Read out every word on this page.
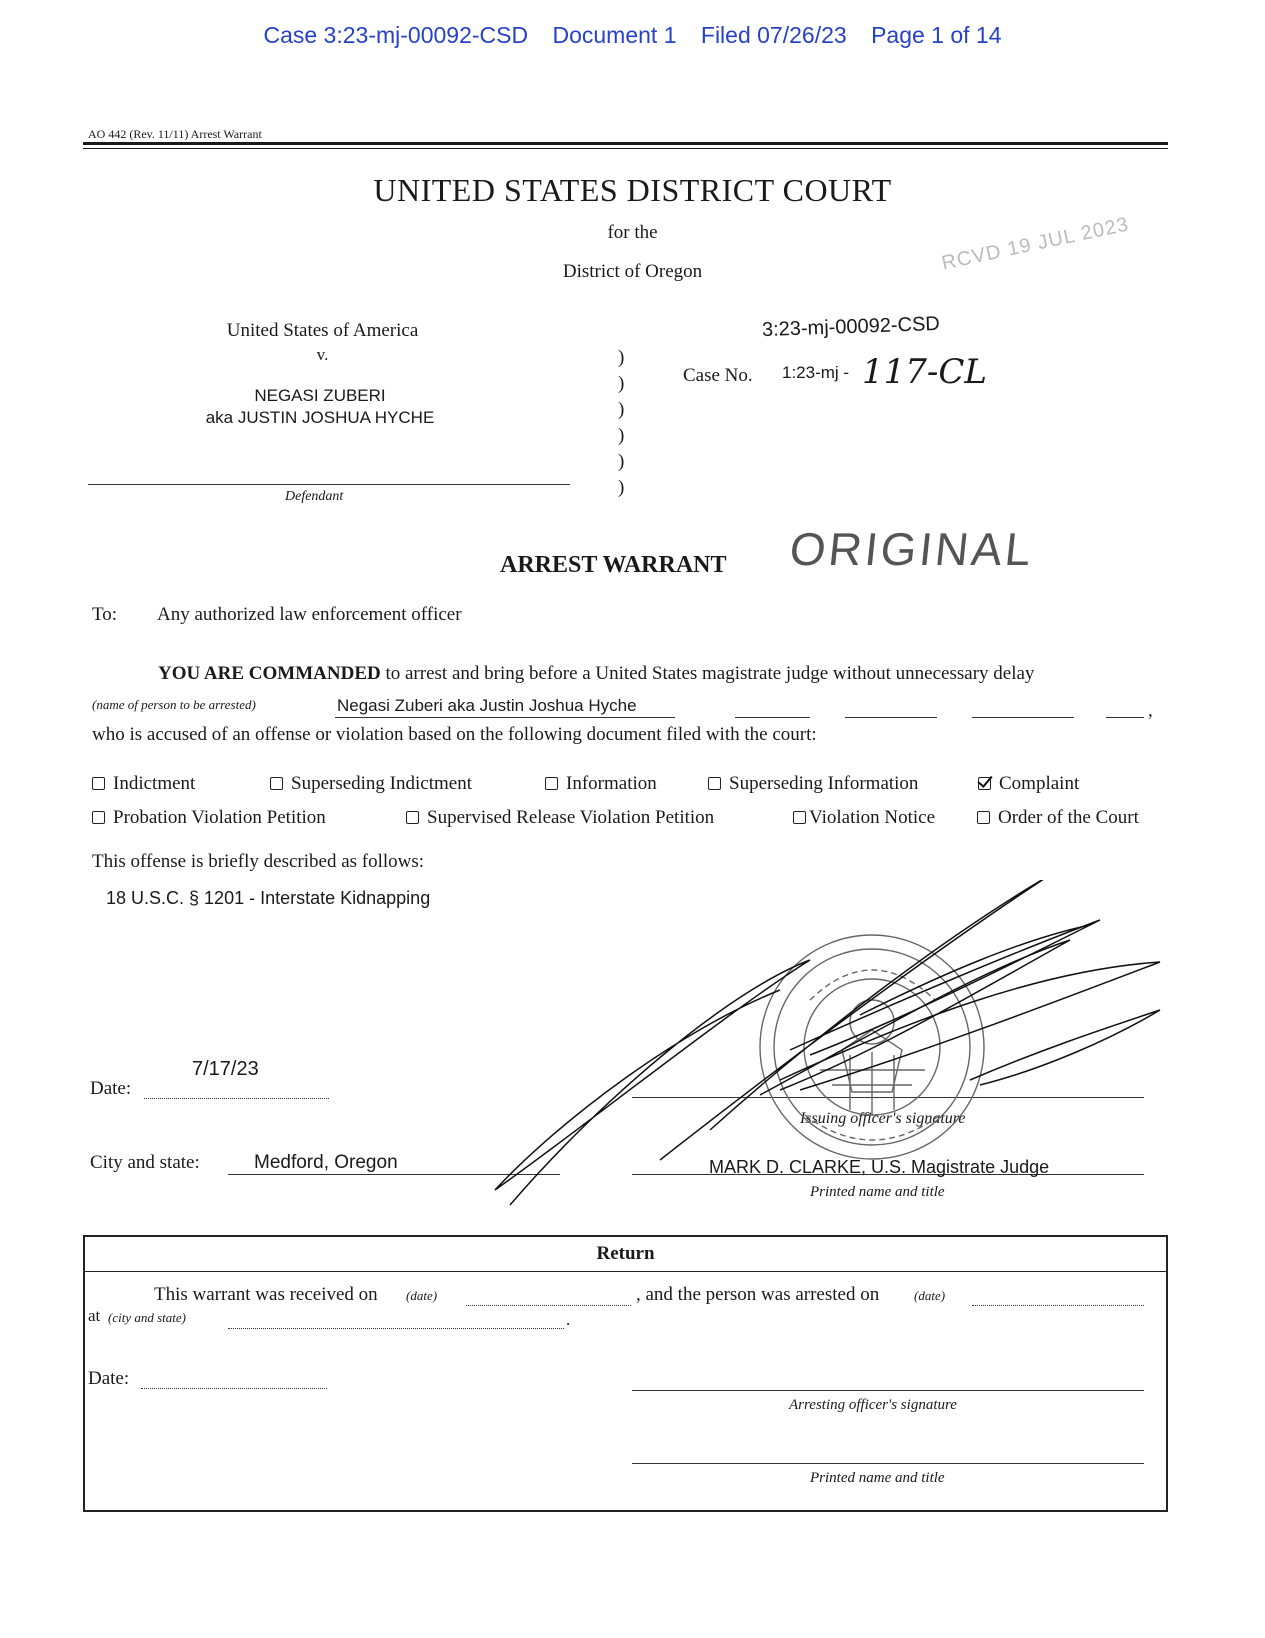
Case 3:23-mj-00092-CSD Document 1 Filed 07/26/23 Page 1 of 14
AO 442 (Rev. 11/11) Arrest Warrant
UNITED STATES DISTRICT COURT
for the
District of Oregon	RCVD 19 JUL 2023
United States of America
v.
NEGASI ZUBERI
aka JUSTIN JOSHUA HYCHE
Defendant
)
)
)
)
)
)
3:23-mj-00092-CSD
Case No. 1:23-mj - 117-CL
ARREST WARRANT ORIGINAL
To: Any authorized law enforcement officer
YOU ARE COMMANDED to arrest and bring before a United States magistrate judge without unnecessary delay
(name of person to be arrested)	Negasi Zuberi aka Justin Joshua Hyche	,
who is accused of an offense or violation based on the following document filed with the court:
Indictment	Superseding Indictment	Information	Superseding Information	Complaint
Probation Violation Petition	Supervised Release Violation Petition	Violation Notice	Order of the Court
This offense is briefly described as follows:
18 U.S.C. § 1201 - Interstate Kidnapping
Date:
7/17/23
City and state:	Medford, Oregon
Issuing officer's signature
MARK D. CLARKE, U.S. Magistrate Judge
Printed name and title
Return
This warrant was received on (date)	, and the person was arrested on	(date)
at (city and state)	.
Date:
Arresting officer's signature
Printed name and title
